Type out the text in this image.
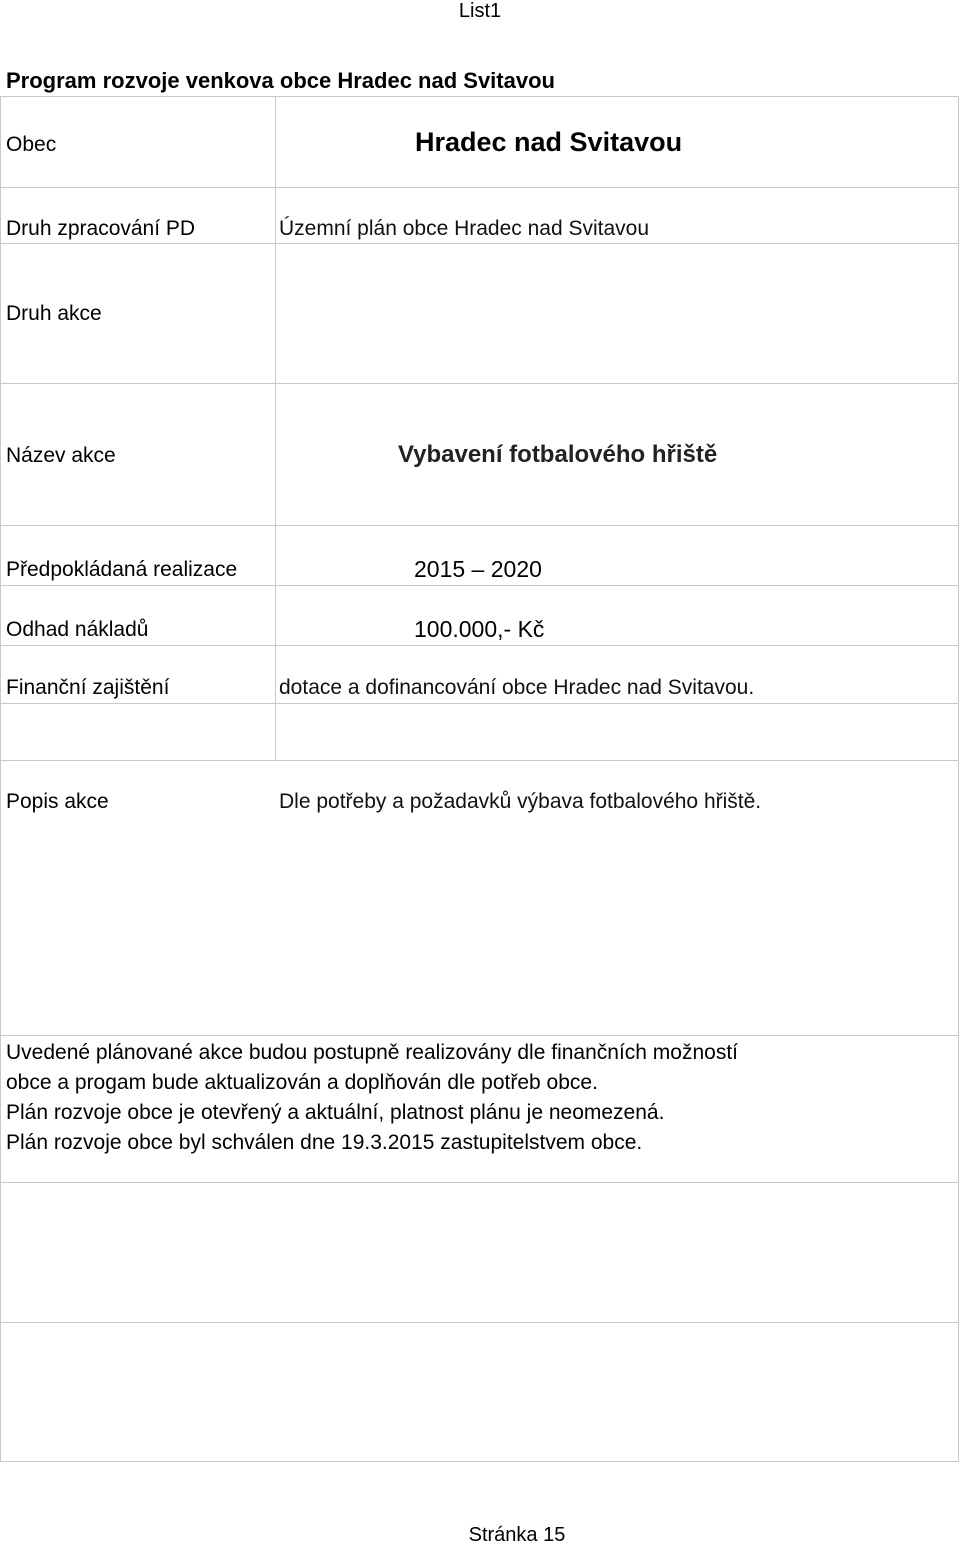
List1
Program rozvoje venkova obce Hradec nad Svitavou
Obec	Hradec nad Svitavou
Druh zpracování PD	Územní plán obce Hradec nad Svitavou
Druh akce
Název akce	Vybavení fotbalového hřiště
Předpokládaná realizace	2015 – 2020
Odhad nákladů	100.000,- Kč
Finanční zajištění	dotace a dofinancování obce Hradec nad Svitavou.
Popis akce	Dle potřeby a požadavků výbava fotbalového hřiště.
Uvedené plánované akce budou postupně realizovány dle finančních možností
obce a progam bude aktualizován a doplňován dle potřeb obce.
Plán rozvoje obce je otevřený a aktuální, platnost plánu je neomezená.
Plán rozvoje obce byl schválen dne 19.3.2015 zastupitelstvem obce.
Stránka 15
